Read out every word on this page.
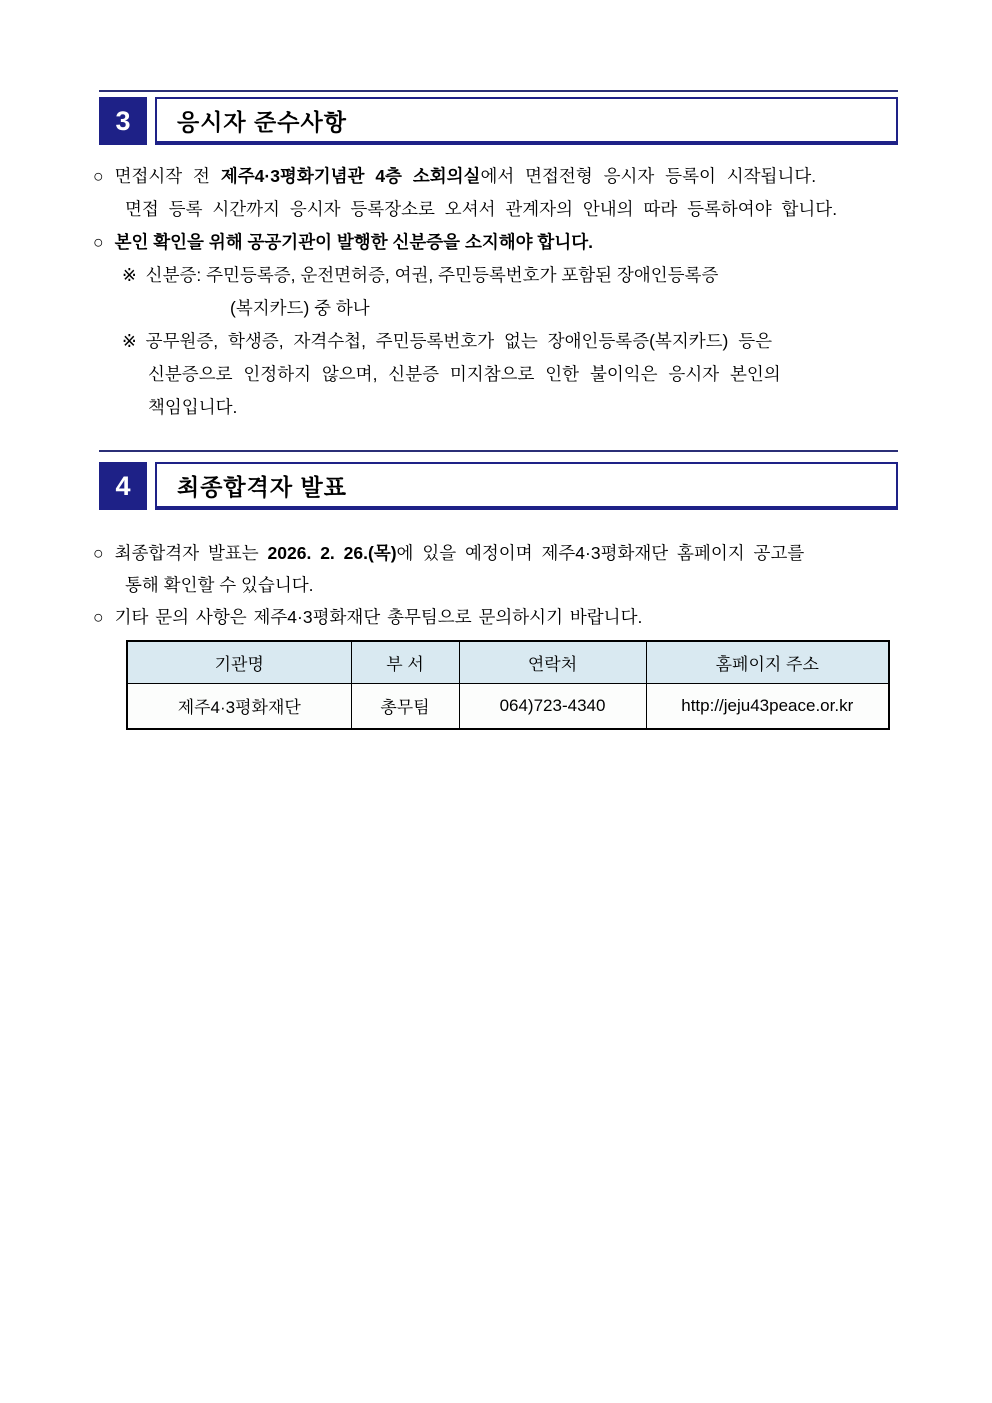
3	응시자 준수사항
○ 면접시작 전 제주4·3평화기념관 4층 소회의실에서 면접전형 응시자 등록이 시작됩니다.
면접 등록 시간까지 응시자 등록장소로 오셔서 관계자의 안내의 따라 등록하여야 합니다.
○ 본인 확인을 위해 공공기관이 발행한 신분증을 소지해야 합니다.
※ 신분증: 주민등록증, 운전면허증, 여권, 주민등록번호가 포함된 장애인등록증
(복지카드) 중 하나
※ 공무원증, 학생증, 자격수첩, 주민등록번호가 없는 장애인등록증(복지카드) 등은
신분증으로 인정하지 않으며, 신분증 미지참으로 인한 불이익은 응시자 본인의
책임입니다.
4	최종합격자 발표
○ 최종합격자 발표는 2026. 2. 26.(목)에 있을 예정이며 제주4·3평화재단 홈페이지 공고를
통해 확인할 수 있습니다.
○ 기타 문의 사항은 제주4·3평화재단 총무팀으로 문의하시기 바랍니다.
기관명	부 서	연락처	홈페이지 주소
제주4·3평화재단	총무팀	064)723-4340	http://jeju43peace.or.kr
